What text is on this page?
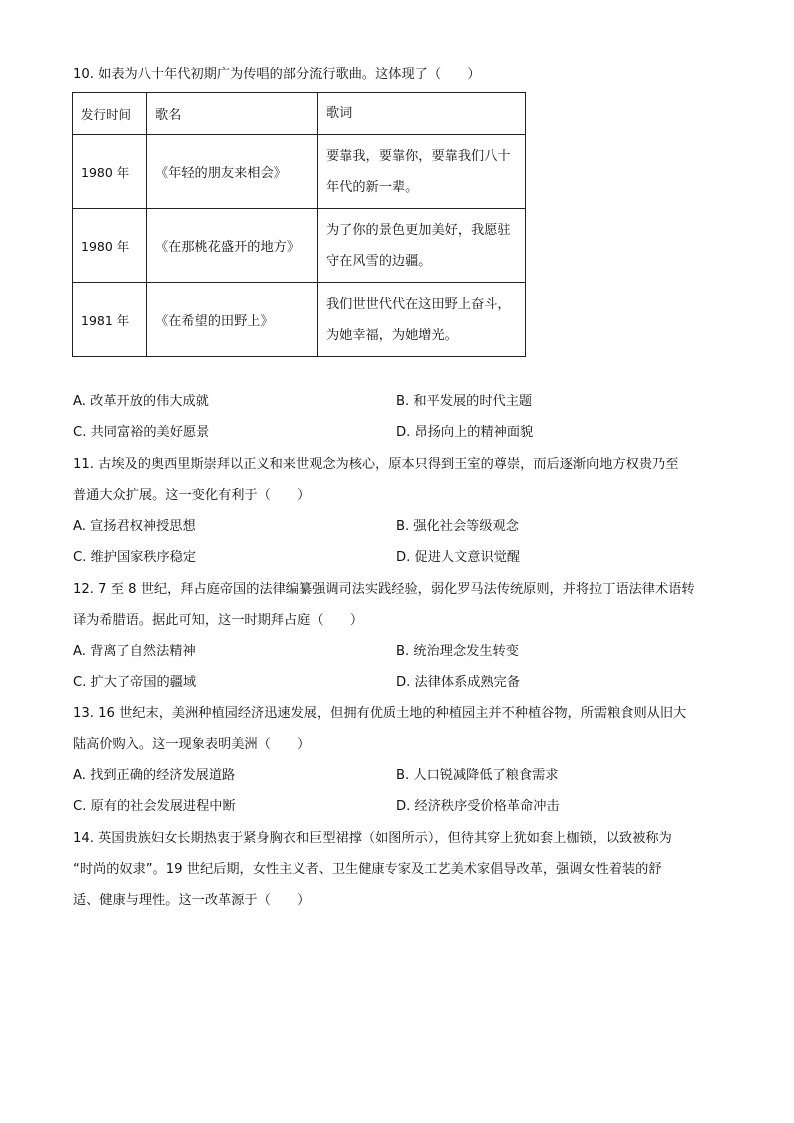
10. 如表为八十年代初期广为传唱的部分流行歌曲。这体现了（　　）
发行时间	歌名	歌词
1980 年	《年轻的朋友来相会》	要靠我，要靠你，要靠我们八十年代的新一辈。
1980 年	《在那桃花盛开的地方》	为了你的景色更加美好，我愿驻守在风雪的边疆。
1981 年	《在希望的田野上》	我们世世代代在这田野上奋斗，为她幸福，为她增光。
A. 改革开放的伟大成就	B. 和平发展的时代主题
C. 共同富裕的美好愿景	D. 昂扬向上的精神面貌
11. 古埃及的奥西里斯崇拜以正义和来世观念为核心，原本只得到王室的尊崇，而后逐渐向地方权贵乃至
普通大众扩展。这一变化有利于（　　）
A. 宣扬君权神授思想	B. 强化社会等级观念
C. 维护国家秩序稳定	D. 促进人文意识觉醒
12. 7 至 8 世纪，拜占庭帝国的法律编纂强调司法实践经验，弱化罗马法传统原则，并将拉丁语法律术语转
译为希腊语。据此可知，这一时期拜占庭（　　）
A. 背离了自然法精神	B. 统治理念发生转变
C. 扩大了帝国的疆域	D. 法律体系成熟完备
13. 16 世纪末，美洲种植园经济迅速发展，但拥有优质土地的种植园主并不种植谷物，所需粮食则从旧大
陆高价购入。这一现象表明美洲（　　）
A. 找到正确的经济发展道路	B. 人口锐减降低了粮食需求
C. 原有的社会发展进程中断	D. 经济秩序受价格革命冲击
14. 英国贵族妇女长期热衷于紧身胸衣和巨型裙撑（如图所示），但待其穿上犹如套上枷锁，以致被称为
“时尚的奴隶”。19 世纪后期，女性主义者、卫生健康专家及工艺美术家倡导改革，强调女性着装的舒
适、健康与理性。这一改革源于（　　）
